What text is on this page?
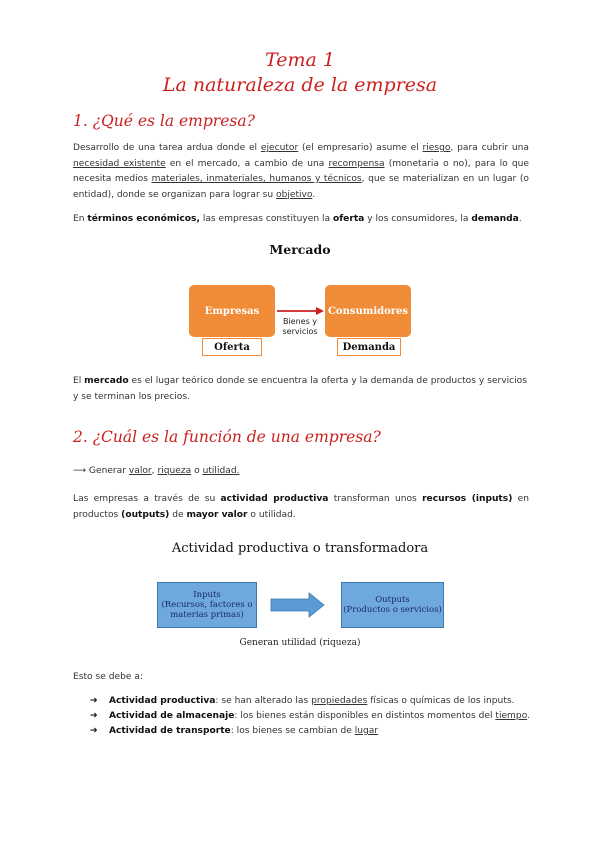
Tema 1
La naturaleza de la empresa
1. ¿Qué es la empresa?
Desarrollo de una tarea ardua donde el ejecutor (el empresario) asume el riesgo, para cubrir una necesidad existente en el mercado, a cambio de una recompensa (monetaria o no), para lo que necesita medios materiales, inmateriales, humanos y técnicos, que se materializan en un lugar (o entidad), donde se organizan para lograr su objetivo.
En términos económicos, las empresas constituyen la oferta y los consumidores, la demanda.
Mercado
Empresas	Consumidores
Bienes y
servicios
Oferta	Demanda
El mercado es el lugar teórico donde se encuentra la oferta y la demanda de productos y servicios y se terminan los precios.
2. ¿Cuál es la función de una empresa?
⟶ Generar valor, riqueza o utilidad.
Las empresas a través de su actividad productiva transforman unos recursos (inputs) en productos (outputs) de mayor valor o utilidad.
Actividad productiva o transformadora
Inputs
(Recursos, factores o
materias primas)
Outputs
(Productos o servicios)
Generan utilidad (riqueza)
Esto se debe a:
➔	Actividad productiva: se han alterado las propiedades físicas o químicas de los inputs.
➔	Actividad de almacenaje: los bienes están disponibles en distintos momentos del tiempo.
➔	Actividad de transporte: los bienes se cambian de lugar
